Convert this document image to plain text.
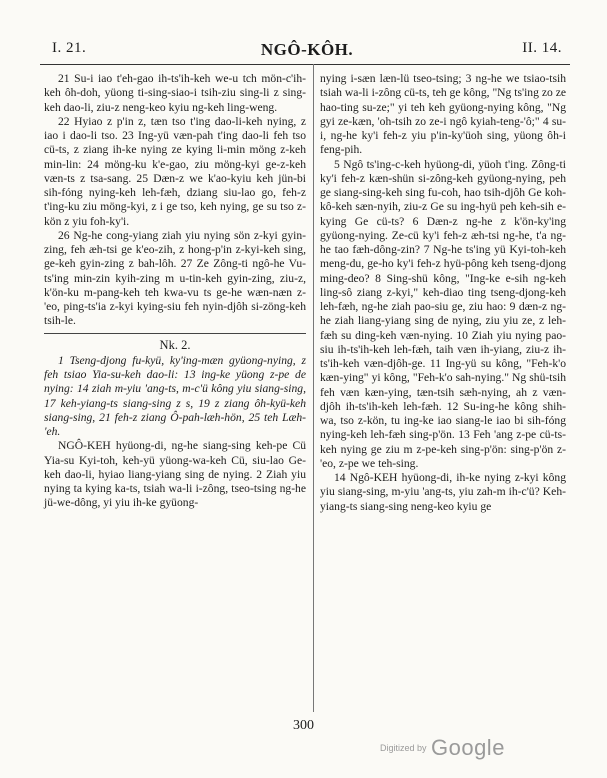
I. 21.	NGÔ-KÔH.	II. 14.

21 Su-i iao t'eh-gao ih-ts'ih-keh we-u tch mön-c'ih-keh ôh-doh, yüong ti-sing-siao-i tsih-ziu sing-li z sing-keh dao-li, ziu-z neng-keo kyiu ng-keh ling-weng.

22 Hyiao z p'in z, tæn tso t'ing dao-li-keh nying, z iao i dao-li tso. 23 Ing-yü væn-pah t'ing dao-li feh tso cü-ts, z ziang ih-ke nying ze kying li-min möng z-keh min-lin: 24 möng-ku k'e-gao, ziu möng-kyi ge-z-keh væn-ts z tsa-sang. 25 Dæn-z we k'ao-kyiu keh jün-bi sih-fóng nying-keh leh-fæh, dziang siu-lao go, feh-z t'ing-ku ziu möng-kyi, z i ge tso, keh nying, ge su tso z-kön z yiu foh-ky'i.

26 Ng-he cong-yiang ziah yiu nying sön z-kyi gyin-zing, feh æh-tsi ge k'eo-zih, z hong-p'in z-kyi-keh sing, ge-keh gyin-zing z bah-lôh. 27 Ze Zông-ti ngô-he Vu-ts'ing min-zin kyih-zing m u-tin-keh gyin-zing, ziu-z, k'ön-ku m-pang-keh teh kwa-vu ts ge-he wæn-næn z-'eo, ping-ts'ia z-kyi kying-siu feh nyin-djôh si-zöng-keh tsih-le.

Nk. 2.

1 Tseng-djong fu-kyü, ky'ing-mæn gyüong-nying, z feh tsiao Yia-su-keh dao-li: 13 ing-ke yüong z-pe de nying: 14 ziah m-yiu 'ang-ts, m-c'ü kông yiu siang-sing, 17 keh-yiang-ts siang-sing z s, 19 z ziang ôh-kyü-keh siang-sing, 21 feh-z ziang Ô-pah-læh-hön, 25 teh Læh-'eh.

NGÔ-KEH hyüong-di, ng-he siang-sing keh-pe Cü Yia-su Kyi-toh, keh-yü yüong-wa-keh Cü, siu-lao Ge-keh dao-li, hyiao liang-yiang sing de nying. 2 Ziah yiu nying ta kying ka-ts, tsiah wa-li i-zông, tseo-tsing ng-he jü-we-dông, yi yiu ih-ke gyüong-

nying i-sæn læn-lü tseo-tsing; 3 ng-he we tsiao-tsih tsiah wa-li i-zông cü-ts, teh ge kông, "Ng ts'ing zo ze hao-ting su-ze;" yi teh keh gyüong-nying kông, "Ng gyi ze-kæn, 'oh-tsih zo ze-i ngô kyiah-teng-'ô;" 4 su-i, ng-he ky'i feh-z yiu p'in-ky'üoh sing, yüong ôh-i feng-pih.

5 Ngô ts'ing-c-keh hyüong-di, yüoh t'ing. Zông-ti ky'i feh-z kæn-shün si-zông-keh gyüong-nying, peh ge siang-sing-keh sing fu-coh, hao tsih-djôh Ge koh-kô-keh sæn-nyih, ziu-z Ge su ing-hyü peh keh-sih e-kying Ge cü-ts? 6 Dæn-z ng-he z k'ön-ky'ing gyüong-nying. Ze-cü ky'i feh-z æh-tsi ng-he, t'a ng-he tao fæh-dông-zin? 7 Ng-he ts'ing yü Kyi-toh-keh meng-du, ge-ho ky'i feh-z hyü-pông keh tseng-djong ming-deo? 8 Sing-shü kông, "Ing-ke e-sih ng-keh ling-sô ziang z-kyi," keh-diao ting tseng-djong-keh leh-fæh, ng-he ziah pao-siu ge, ziu hao: 9 dæn-z ng-he ziah liang-yiang sing de nying, ziu yiu ze, z leh-fæh su ding-keh væn-nying. 10 Ziah yiu nying pao-siu ih-ts'ih-keh leh-fæh, taih væn ih-yiang, ziu-z ih-ts'ih-keh væn-djôh-ge. 11 Ing-yü su kông, "Feh-k'o kæn-ying" yi kông, "Feh-k'o sah-nying." Ng shü-tsih feh væn kæn-ying, tæn-tsih sæh-nying, ah z væn-djôh ih-ts'ih-keh leh-fæh. 12 Su-ing-he kông shih-wa, tso z-kön, tu ing-ke iao siang-le iao bi sih-fóng nying-keh leh-fæh sing-p'ön. 13 Feh 'ang z-pe cü-ts-keh nying ge ziu m z-pe-keh sing-p'ön: sing-p'ön z-'eo, z-pe we teh-sing.

14 Ngô-KEH hyüong-di, ih-ke nying z-kyi kông yiu siang-sing, m-yiu 'ang-ts, yiu zah-m ih-c'ü? Keh-yiang-ts siang-sing neng-keo kyiu ge

300
Digitized by Google
